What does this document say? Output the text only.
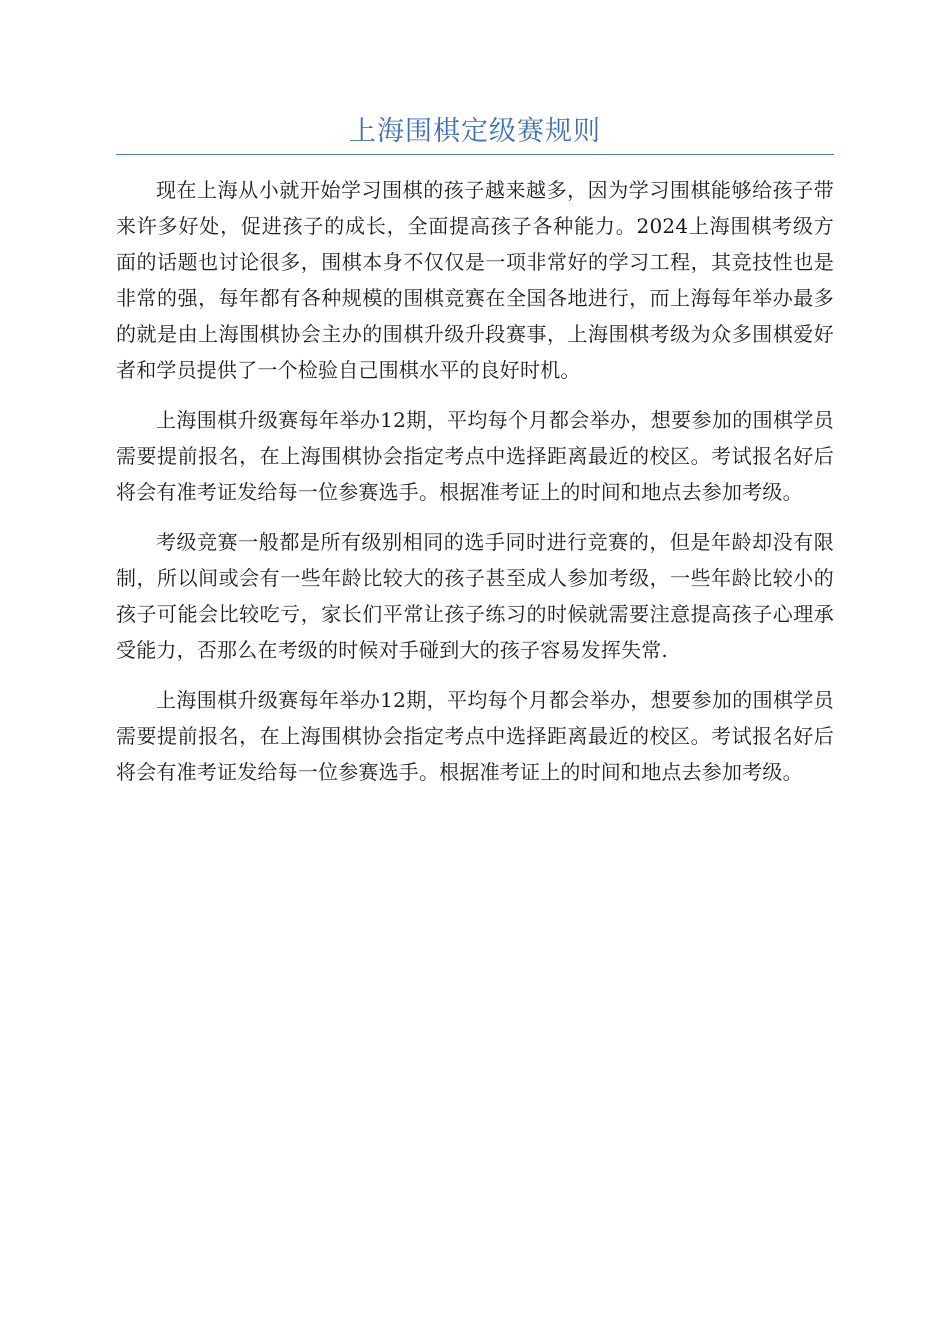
上海围棋定级赛规则

现在上海从小就开始学习围棋的孩子越来越多，因为学习围棋能够给孩子带来许多好处，促进孩子的成长，全面提高孩子各种能力。2024上海围棋考级方面的话题也讨论很多，围棋本身不仅仅是一项非常好的学习工程，其竞技性也是非常的强，每年都有各种规模的围棋竞赛在全国各地进行，而上海每年举办最多的就是由上海围棋协会主办的围棋升级升段赛事，上海围棋考级为众多围棋爱好者和学员提供了一个检验自己围棋水平的良好时机。

上海围棋升级赛每年举办12期，平均每个月都会举办，想要参加的围棋学员需要提前报名，在上海围棋协会指定考点中选择距离最近的校区。考试报名好后将会有准考证发给每一位参赛选手。根据准考证上的时间和地点去参加考级。

考级竞赛一般都是所有级别相同的选手同时进行竞赛的，但是年龄却没有限制，所以间或会有一些年龄比较大的孩子甚至成人参加考级，一些年龄比较小的孩子可能会比较吃亏，家长们平常让孩子练习的时候就需要注意提高孩子心理承受能力，否那么在考级的时候对手碰到大的孩子容易发挥失常.

上海围棋升级赛每年举办12期，平均每个月都会举办，想要参加的围棋学员需要提前报名，在上海围棋协会指定考点中选择距离最近的校区。考试报名好后将会有准考证发给每一位参赛选手。根据准考证上的时间和地点去参加考级。
